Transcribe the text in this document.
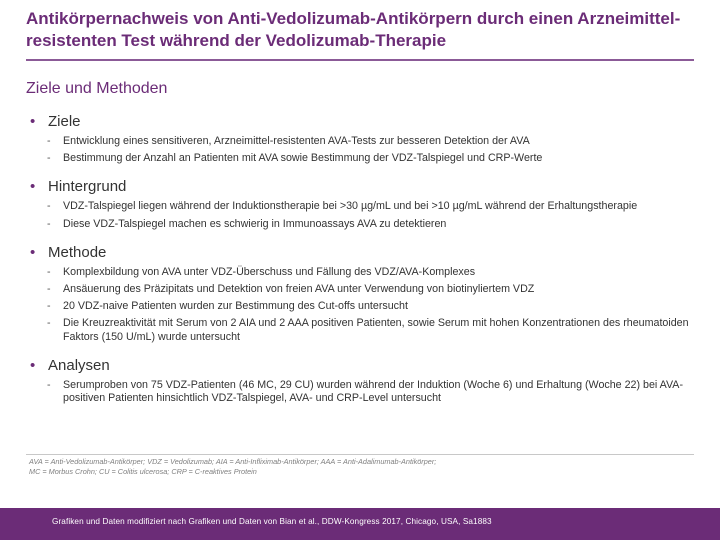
Antikörpernachweis von Anti-Vedolizumab-Antikörpern durch einen Arzneimittel-resistenten Test während der Vedolizumab-Therapie
Ziele und Methoden
• Ziele
- Entwicklung eines sensitiveren, Arzneimittel-resistenten AVA-Tests zur besseren Detektion der AVA
- Bestimmung der Anzahl an Patienten mit AVA sowie Bestimmung der VDZ-Talspiegel und CRP-Werte
• Hintergrund
- VDZ-Talspiegel liegen während der Induktionstherapie bei >30 µg/mL und bei >10 µg/mL während der Erhaltungstherapie
- Diese VDZ-Talspiegel machen es schwierig in Immunoassays AVA zu detektieren
• Methode
- Komplexbildung von AVA unter VDZ-Überschuss und Fällung des VDZ/AVA-Komplexes
- Ansäuerung des Präzipitats und Detektion von freien AVA unter Verwendung von biotinyliertem VDZ
- 20 VDZ-naive Patienten wurden zur Bestimmung des Cut-offs untersucht
- Die Kreuzreaktivität mit Serum von 2 AIA und 2 AAA positiven Patienten, sowie Serum mit hohen Konzentrationen des rheumatoiden Faktors (150 U/mL) wurde untersucht
• Analysen
- Serumproben von 75 VDZ-Patienten (46 MC, 29 CU) wurden während der Induktion (Woche 6) und Erhaltung (Woche 22) bei AVA-positiven Patienten hinsichtlich VDZ-Talspiegel, AVA- und CRP-Level untersucht
AVA = Anti-Vedolizumab-Antikörper; VDZ = Vedolizumab; AIA = Anti-Infliximab-Antikörper; AAA = Anti-Adalimumab-Antikörper;
MC = Morbus Crohn; CU = Colitis ulcerosa; CRP = C-reaktives Protein
Grafiken und Daten modifiziert nach Grafiken und Daten von Bian et al., DDW-Kongress 2017, Chicago, USA, Sa1883
